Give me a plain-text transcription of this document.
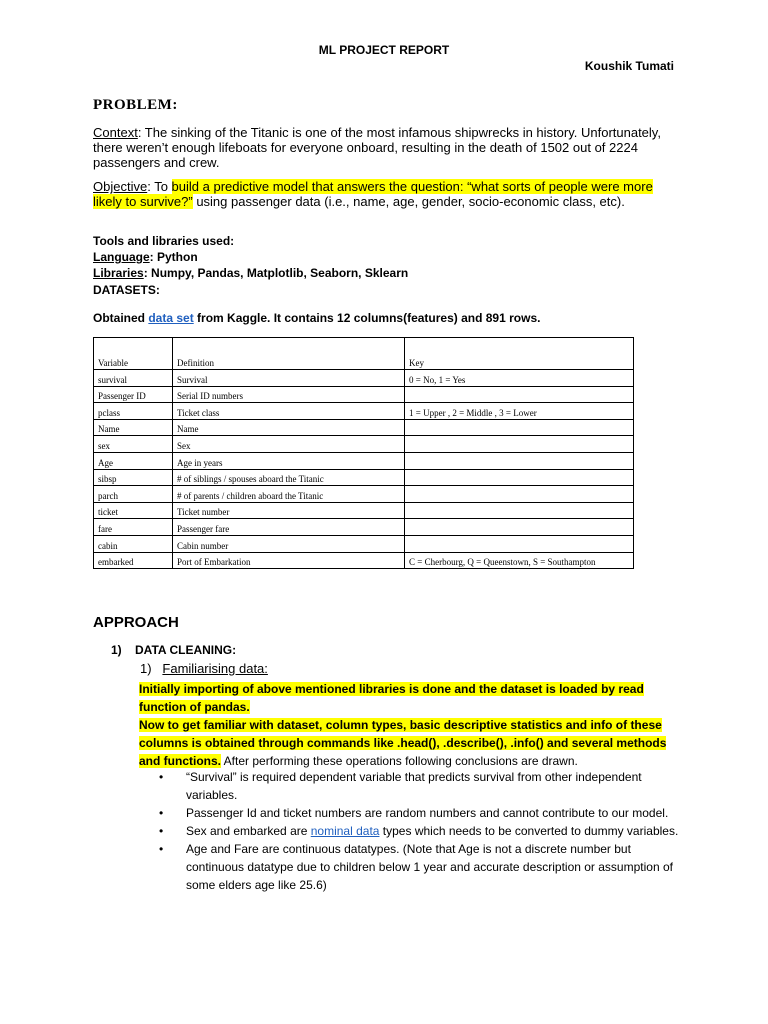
ML PROJECT REPORT
Koushik Tumati
PROBLEM:
Context: The sinking of the Titanic is one of the most infamous shipwrecks in history. Unfortunately, there weren’t enough lifeboats for everyone onboard, resulting in the death of 1502 out of 2224 passengers and crew.
Objective: To build a predictive model that answers the question: “what sorts of people were more likely to survive?” using passenger data (i.e., name, age, gender, socio-economic class, etc).
Tools and libraries used:
Language: Python
Libraries: Numpy, Pandas, Matplotlib, Seaborn, Sklearn
DATASETS:
Obtained data set from Kaggle. It contains 12 columns(features) and 891 rows.
Variable	Definition	Key
survival	Survival	0 = No, 1 = Yes
Passenger ID	Serial ID numbers	
pclass	Ticket class	1 = Upper , 2 = Middle , 3 = Lower
Name	Name	
sex	Sex	
Age	Age in years	
sibsp	# of siblings / spouses aboard the Titanic	
parch	# of parents / children aboard the Titanic	
ticket	Ticket number	
fare	Passenger fare	
cabin	Cabin number	
embarked	Port of Embarkation	C = Cherbourg, Q = Queenstown, S = Southampton
APPROACH
1) DATA CLEANING:
1) Familiarising data:
Initially importing of above mentioned libraries is done and the dataset is loaded by read function of pandas.
Now to get familiar with dataset, column types, basic descriptive statistics and info of these columns is obtained through commands like .head(), .describe(), .info() and several methods and functions. After performing these operations following conclusions are drawn.
• “Survival” is required dependent variable that predicts survival from other independent variables.
• Passenger Id and ticket numbers are random numbers and cannot contribute to our model.
• Sex and embarked are nominal data types which needs to be converted to dummy variables.
• Age and Fare are continuous datatypes. (Note that Age is not a discrete number but continuous datatype due to children below 1 year and accurate description or assumption of some elders age like 25.6)
